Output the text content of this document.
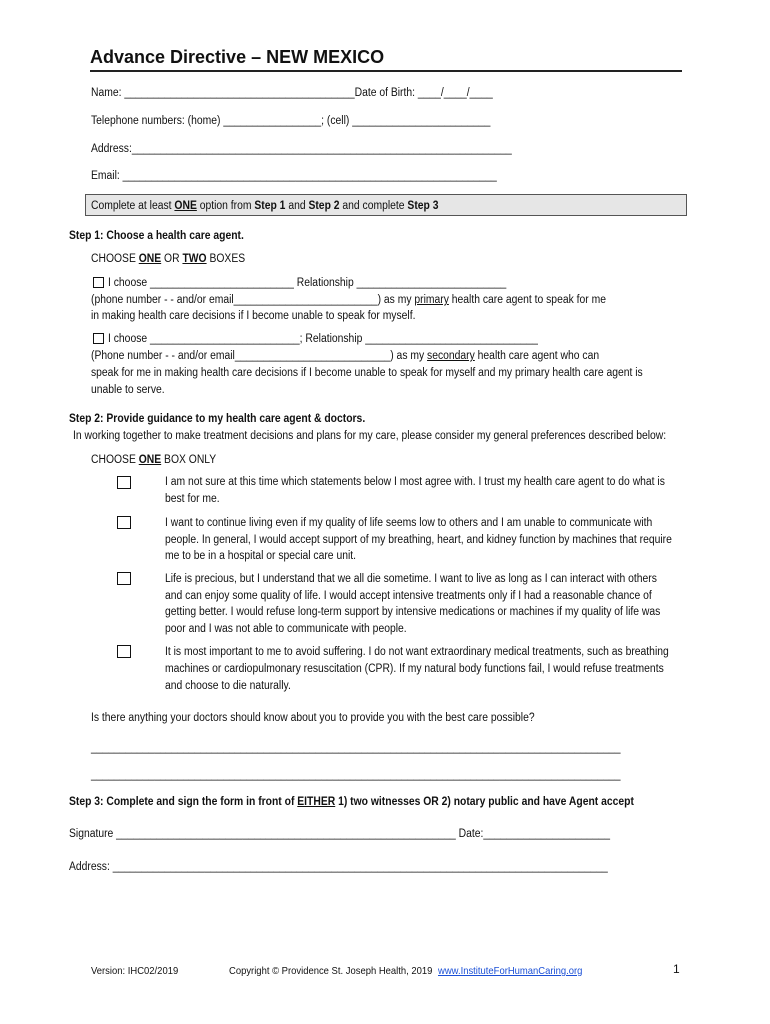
Advance Directive – NEW MEXICO
Name: ________________________________________Date of Birth: ____/____/____
Telephone numbers: (home) _________________; (cell) ________________________
Address:__________________________________________________________________
Email: _________________________________________________________________
Complete at least ONE option from Step 1 and Step 2 and complete Step 3
Step 1: Choose a health care agent.
CHOOSE ONE OR TWO BOXES
I choose _________________________ Relationship __________________________
(phone number - - and/or email_________________________) as my primary health care agent to speak for me
in making health care decisions if I become unable to speak for myself.
I choose __________________________; Relationship ______________________________
(Phone number - - and/or email___________________________) as my secondary health care agent who can
speak for me in making health care decisions if I become unable to speak for myself and my primary health care agent is
unable to serve.
Step 2: Provide guidance to my health care agent & doctors.
In working together to make treatment decisions and plans for my care, please consider my general preferences described below:
CHOOSE ONE BOX ONLY
I am not sure at this time which statements below I most agree with. I trust my health care agent to do what is
best for me.
I want to continue living even if my quality of life seems low to others and I am unable to communicate with
people. In general, I would accept support of my breathing, heart, and kidney function by machines that require
me to be in a hospital or special care unit.
Life is precious, but I understand that we all die sometime. I want to live as long as I can interact with others
and can enjoy some quality of life. I would accept intensive treatments only if I had a reasonable chance of
getting better. I would refuse long-term support by intensive medications or machines if my quality of life was
poor and I was not able to communicate with people.
It is most important to me to avoid suffering. I do not want extraordinary medical treatments, such as breathing
machines or cardiopulmonary resuscitation (CPR). If my natural body functions fail, I would refuse treatments
and choose to die naturally.
Is there anything your doctors should know about you to provide you with the best care possible?
____________________________________________________________________________________________
____________________________________________________________________________________________
Step 3: Complete and sign the form in front of EITHER 1) two witnesses OR 2) notary public and have Agent accept
Signature ___________________________________________________________ Date:______________________
Address: ______________________________________________________________________________________
Version: IHC02/2019	Copyright © Providence St. Joseph Health, 2019 www.InstituteForHumanCaring.org	1
